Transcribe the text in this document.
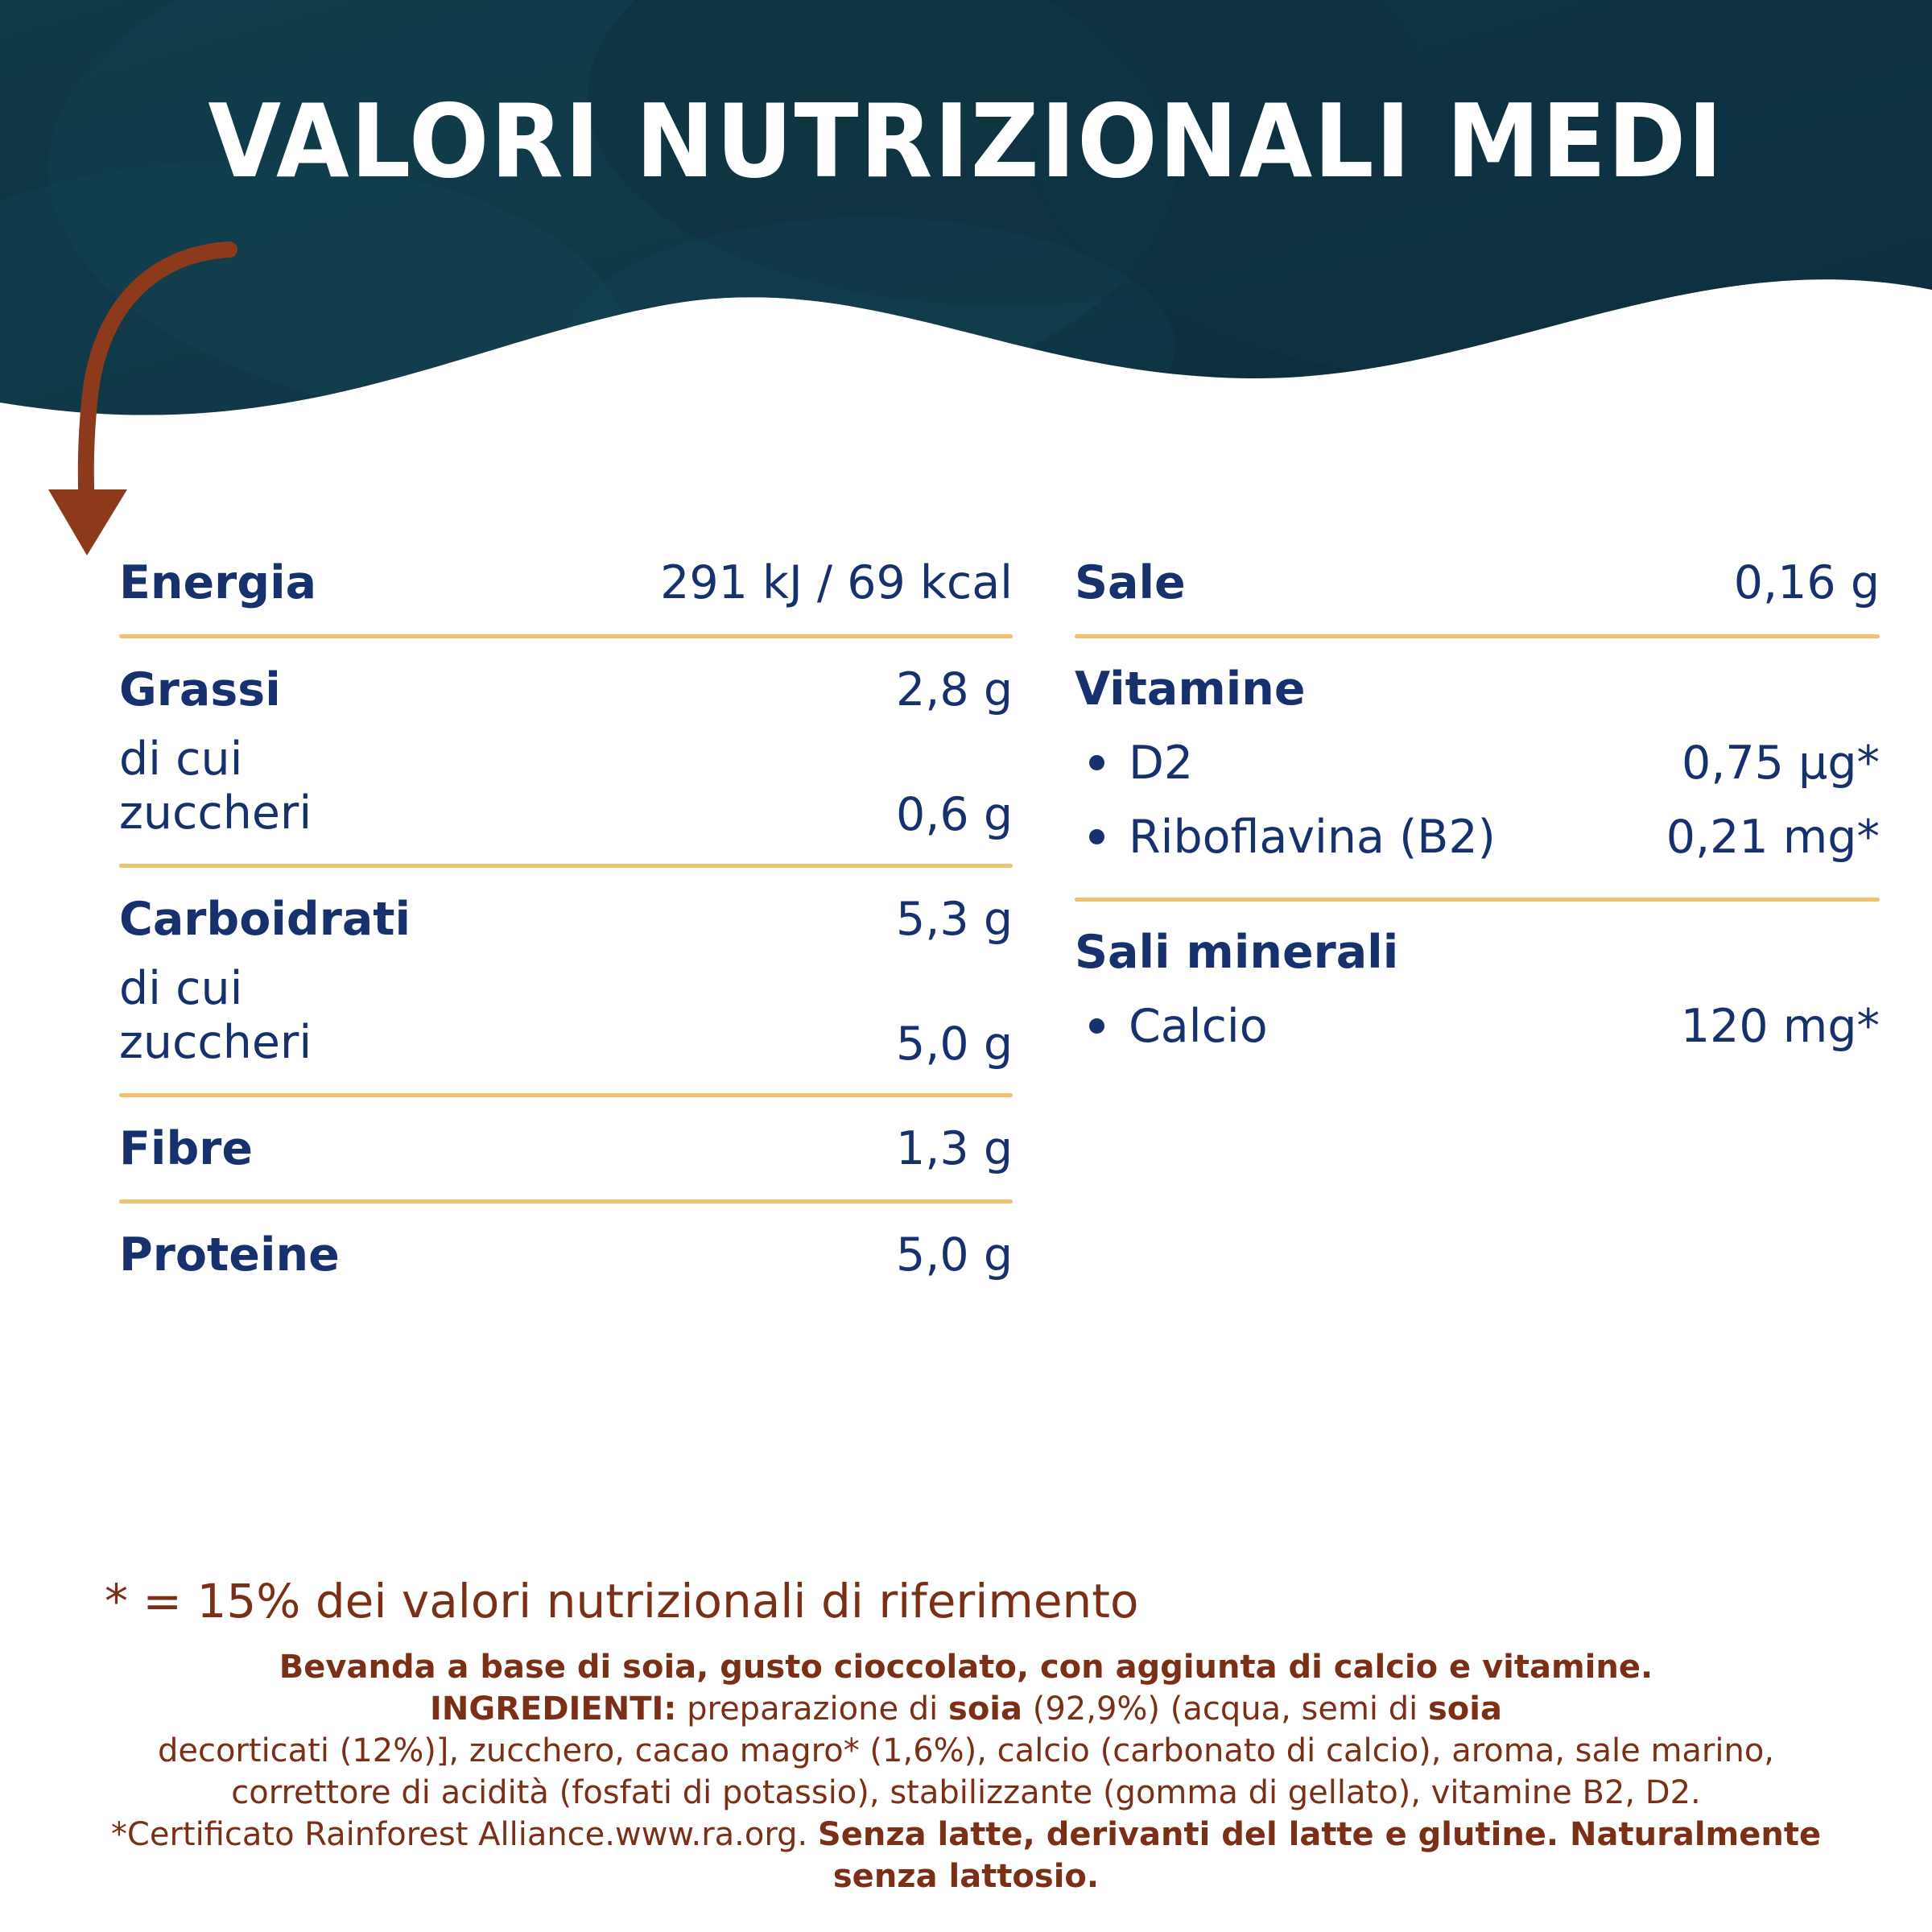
VALORI NUTRIZIONALI MEDI
Energia	291 kJ / 69 kcal
Grassi	2,8 g
di cui zuccheri	0,6 g
Carboidrati	5,3 g
di cui zuccheri	5,0 g
Fibre	1,3 g
Proteine	5,0 g
Sale	0,16 g
Vitamine
D2	0,75 µg*
Riboflavina (B2)	0,21 mg*
Sali minerali
Calcio	120 mg*
* = 15% dei valori nutrizionali di riferimento

Bevanda a base di soia, gusto cioccolato, con aggiunta di calcio e vitamine.

INGREDIENTI: preparazione di soia (92,9%) (acqua, semi di soia

decorticati (12%)], zucchero, cacao magro* (1,6%), calcio (carbonato di calcio), aroma, sale marino,

correttore di acidità (fosfati di potassio), stabilizzante (gomma di gellato), vitamine B2, D2.

*Certificato Rainforest Alliance.www.ra.org. Senza latte, derivanti del latte e glutine. Naturalmente

senza lattosio.
